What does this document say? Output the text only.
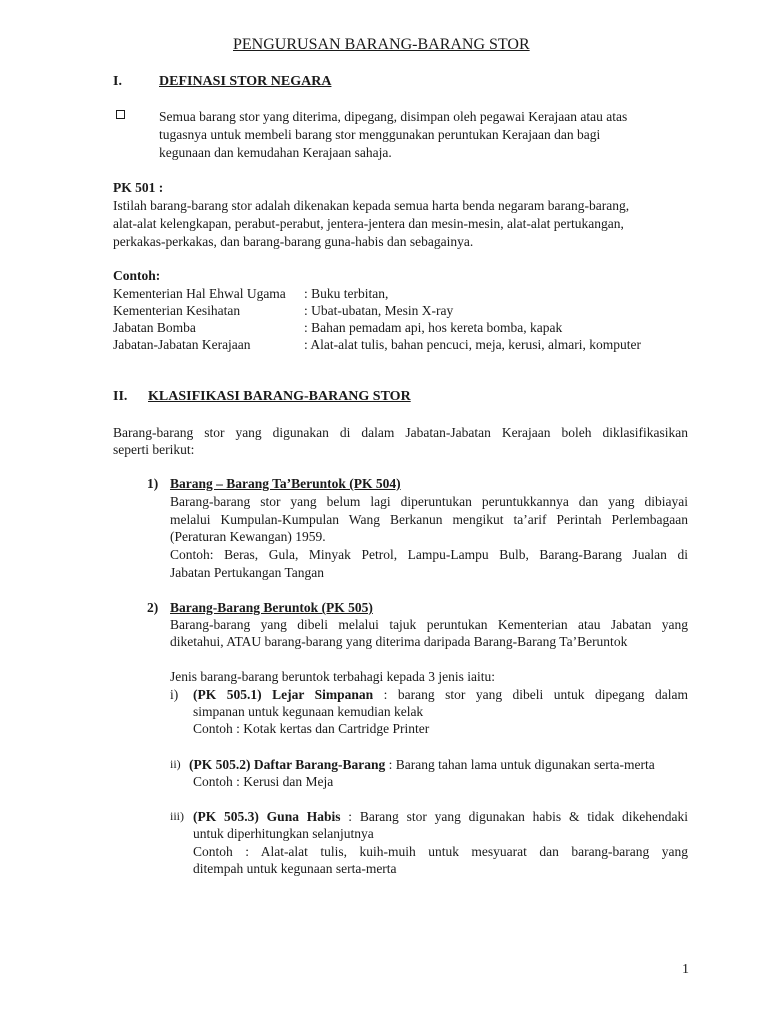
PENGURUSAN BARANG-BARANG STOR
I.	DEFINASI STOR NEGARA
Semua barang stor yang diterima, dipegang, disimpan oleh pegawai Kerajaan atau atas
tugasnya untuk membeli barang stor menggunakan peruntukan Kerajaan dan bagi
kegunaan dan kemudahan Kerajaan sahaja.
PK 501 :
Istilah barang-barang stor adalah dikenakan kepada semua harta benda negaram barang-barang,
alat-alat kelengkapan, perabut-perabut, jentera-jentera dan mesin-mesin, alat-alat pertukangan,
perkakas-perkakas, dan barang-barang guna-habis dan sebagainya.
Contoh:
Kementerian Hal Ehwal Ugama : Buku terbitan,
Kementerian Kesihatan	: Ubat-ubatan, Mesin X-ray
Jabatan Bomba	: Bahan pemadam api, hos kereta bomba, kapak
Jabatan-Jabatan Kerajaan	: Alat-alat tulis, bahan pencuci, meja, kerusi, almari, komputer
II. KLASIFIKASI BARANG-BARANG STOR
Barang-barang stor yang digunakan di dalam Jabatan-Jabatan Kerajaan boleh diklasifikasikan
seperti berikut:
1) Barang – Barang Ta’Beruntok (PK 504)
Barang-barang stor yang belum lagi diperuntukan peruntukkannya dan yang dibiayai
melalui Kumpulan-Kumpulan Wang Berkanun mengikut ta’arif Perintah Perlembagaan
(Peraturan Kewangan) 1959.
Contoh: Beras, Gula, Minyak Petrol, Lampu-Lampu Bulb, Barang-Barang Jualan di
Jabatan Pertukangan Tangan
2) Barang-Barang Beruntok (PK 505)
Barang-barang yang dibeli melalui tajuk peruntukan Kementerian atau Jabatan yang
diketahui, ATAU barang-barang yang diterima daripada Barang-Barang Ta’Beruntok
Jenis barang-barang beruntok terbahagi kepada 3 jenis iaitu:
i) (PK 505.1) Lejar Simpanan : barang stor yang dibeli untuk dipegang dalam
simpanan untuk kegunaan kemudian kelak
Contoh : Kotak kertas dan Cartridge Printer
ii) (PK 505.2) Daftar Barang-Barang : Barang tahan lama untuk digunakan serta-merta
Contoh : Kerusi dan Meja
iii) (PK 505.3) Guna Habis : Barang stor yang digunakan habis & tidak dikehendaki
untuk diperhitungkan selanjutnya
Contoh : Alat-alat tulis, kuih-muih untuk mesyuarat dan barang-barang yang
ditempah untuk kegunaan serta-merta
1
